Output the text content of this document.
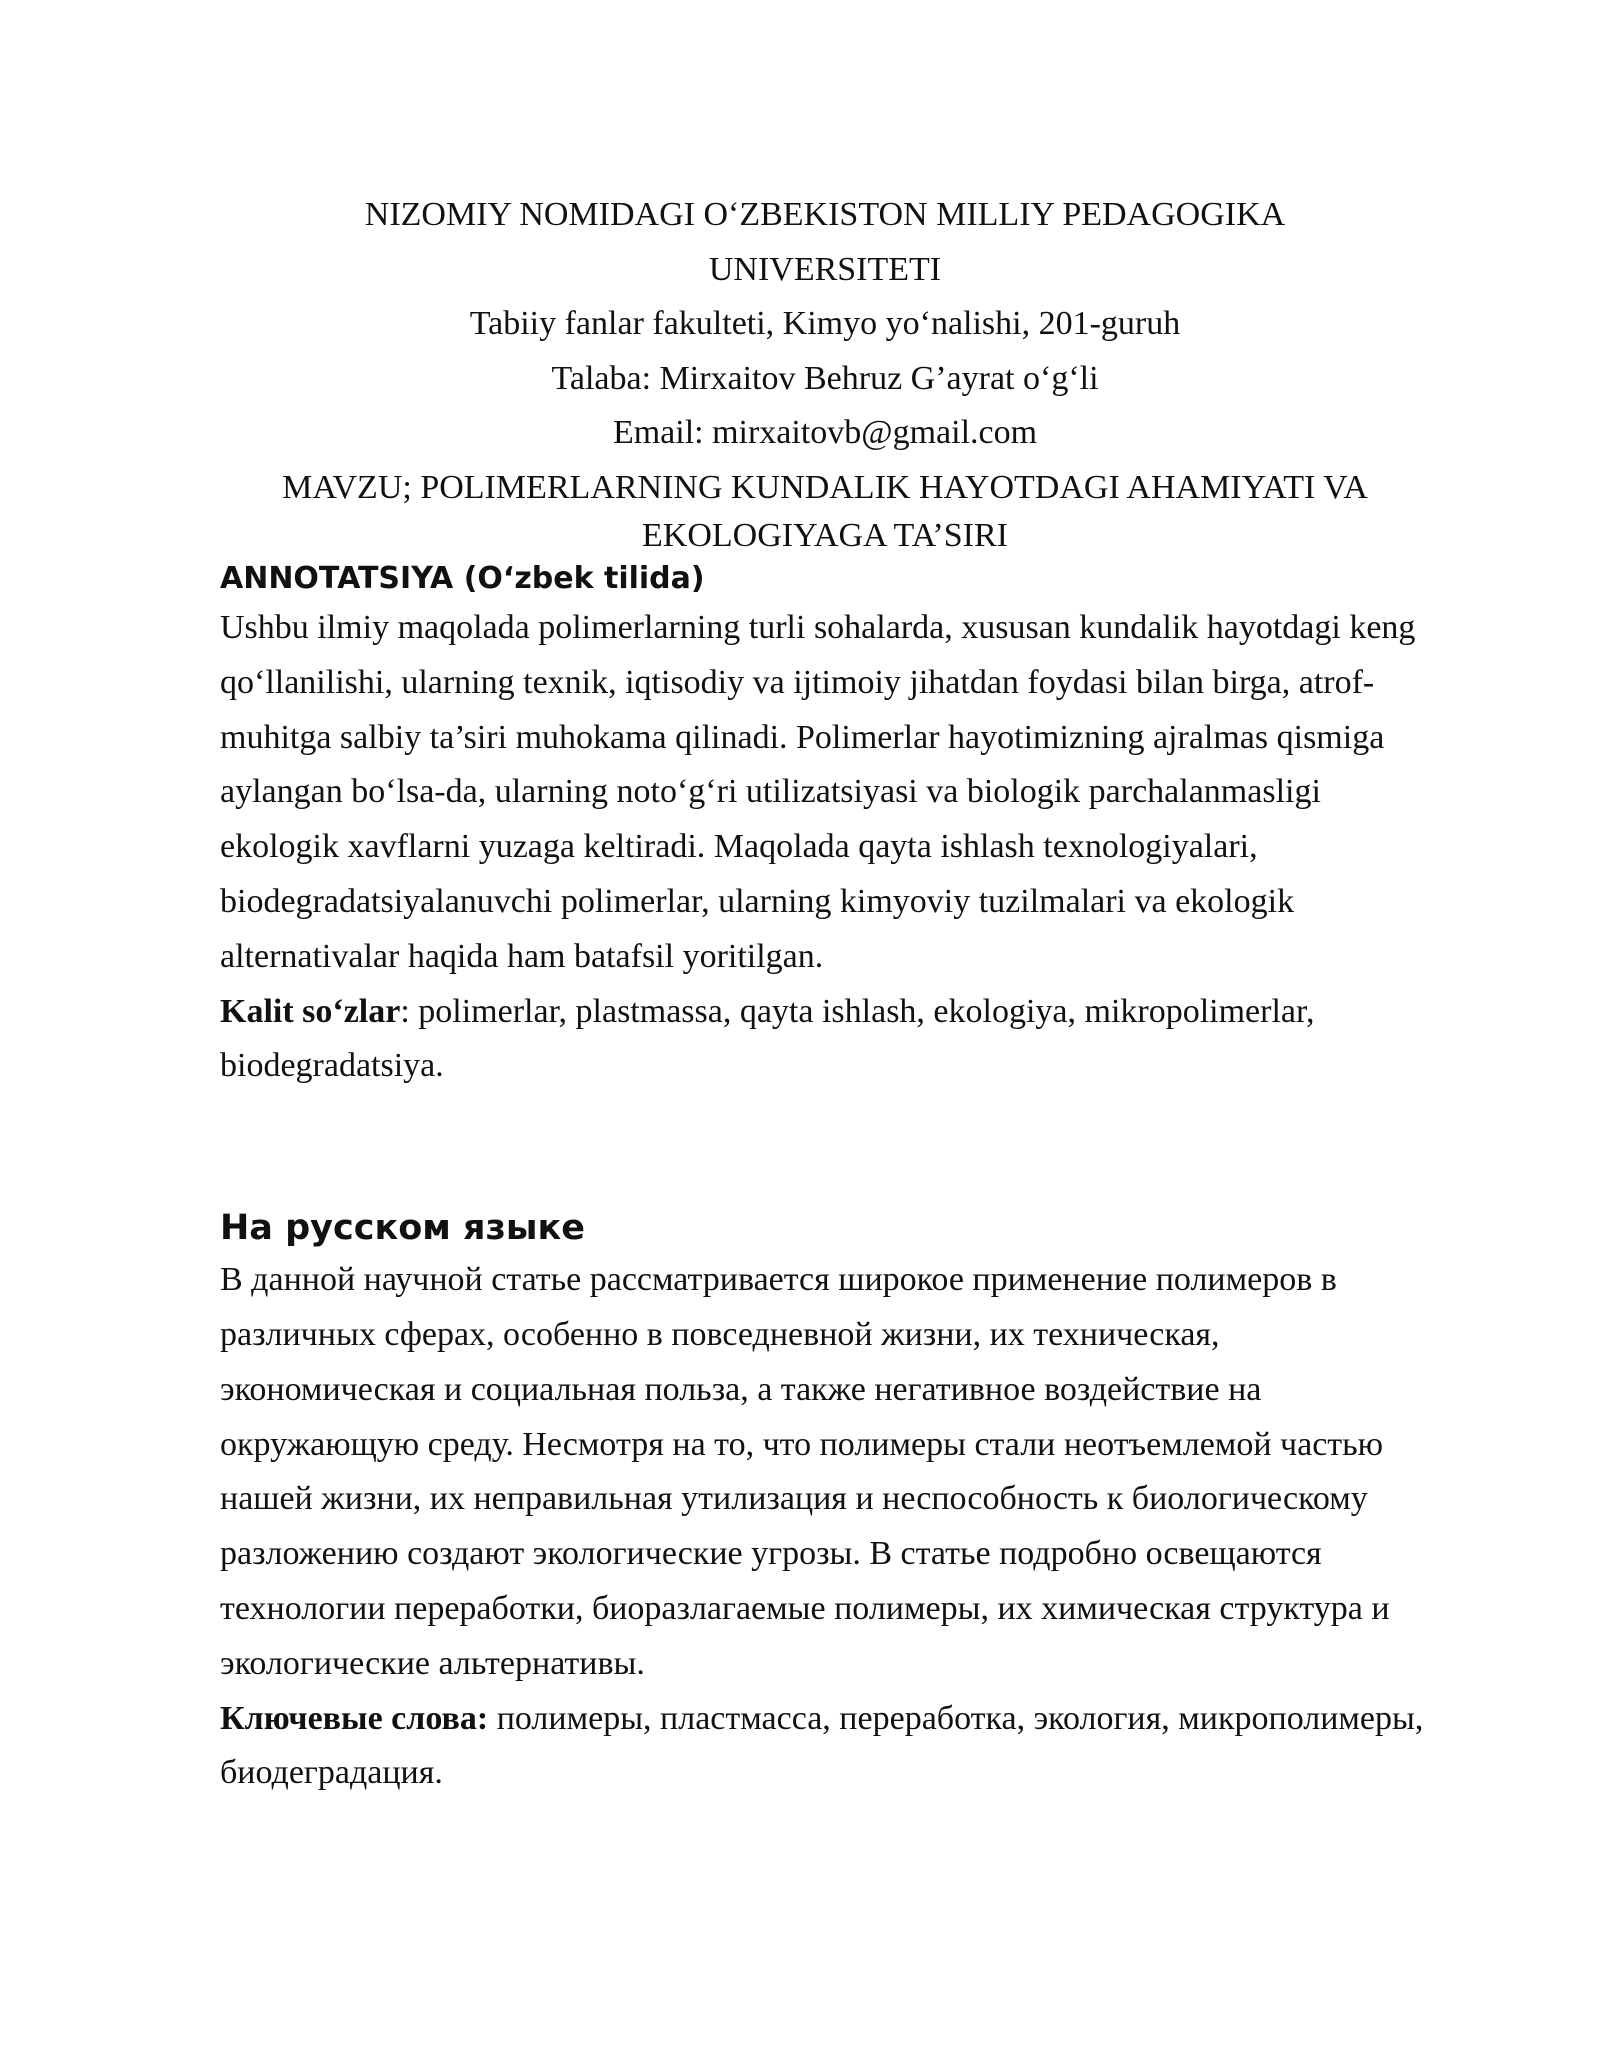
NIZOMIY NOMIDAGI O‘ZBEKISTON MILLIY PEDAGOGIKA
UNIVERSITETI
Tabiiy fanlar fakulteti, Kimyo yo‘nalishi, 201-guruh
Talaba: Mirxaitov Behruz G’ayrat o‘g‘li
Email: mirxaitovb@gmail.com
MAVZU; POLIMERLARNING KUNDALIK HAYOTDAGI AHAMIYATI VA
EKOLOGIYAGA TA’SIRI
ANNOTATSIYA (O‘zbek tilida)

Ushbu ilmiy maqolada polimerlarning turli sohalarda, xususan kundalik hayotdagi keng qo‘llanilishi, ularning texnik, iqtisodiy va ijtimoiy jihatdan foydasi bilan birga, atrof-muhitga salbiy ta’siri muhokama qilinadi. Polimerlar hayotimizning ajralmas qismiga aylangan bo‘lsa-da, ularning noto‘g‘ri utilizatsiyasi va biologik parchalanmasligi ekologik xavflarni yuzaga keltiradi. Maqolada qayta ishlash texnologiyalari, biodegradatsiyalanuvchi polimerlar, ularning kimyoviy tuzilmalari va ekologik alternativalar haqida ham batafsil yoritilgan.

Kalit so‘zlar: polimerlar, plastmassa, qayta ishlash, ekologiya, mikropolimerlar, biodegradatsiya.

На русском языке

В данной научной статье рассматривается широкое применение полимеров в различных сферах, особенно в повседневной жизни, их техническая, экономическая и социальная польза, а также негативное воздействие на окружающую среду. Несмотря на то, что полимеры стали неотъемлемой частью нашей жизни, их неправильная утилизация и неспособность к биологическому разложению создают экологические угрозы. В статье подробно освещаются технологии переработки, биоразлагаемые полимеры, их химическая структура и экологические альтернативы.

Ключевые слова: полимеры, пластмасса, переработка, экология, микрополимеры, биодеградация.
